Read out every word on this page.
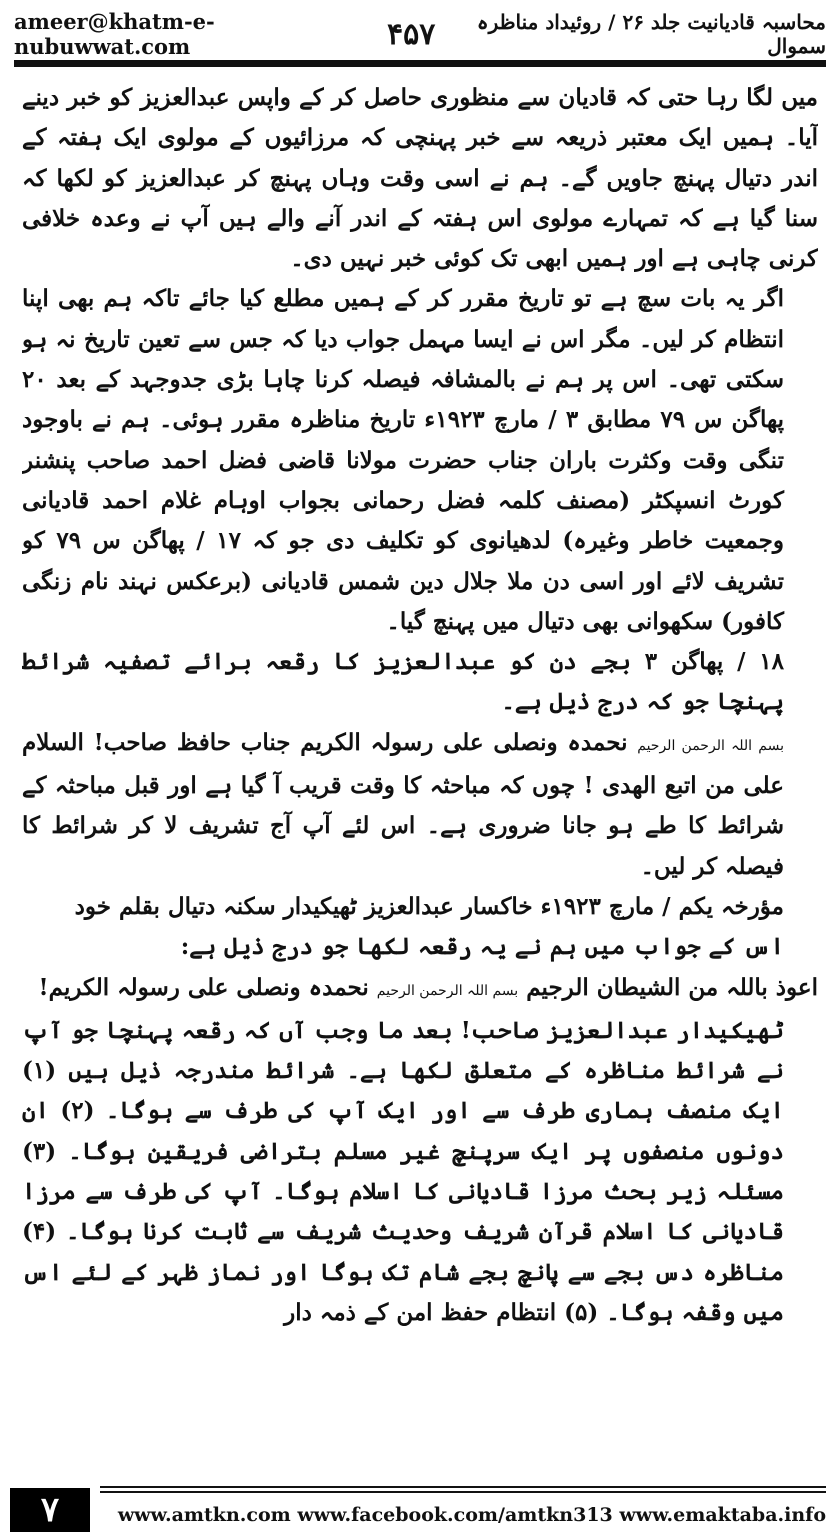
ameer@khatm-e-nubuwwat.com	۴۵۷	محاسبہ قادیانیت جلد ۲۶ / روئیداد مناظرہ سموال

میں لگا رہا حتی کہ قادیان سے منظوری حاصل کر کے واپس عبدالعزیز کو خبر دینے آیا۔ ہمیں ایک معتبر ذریعہ سے خبر پہنچی کہ مرزائیوں کے مولوی ایک ہفتہ کے اندر دتیال پہنچ جاویں گے۔ ہم نے اسی وقت وہاں پہنچ کر عبدالعزیز کو لکھا کہ سنا گیا ہے کہ تمہارے مولوی اس ہفتہ کے اندر آنے والے ہیں آپ نے وعدہ خلافی کرنی چاہی ہے اور ہمیں ابھی تک کوئی خبر نہیں دی۔

اگر یہ بات سچ ہے تو تاریخ مقرر کر کے ہمیں مطلع کیا جائے تاکہ ہم بھی اپنا انتظام کر لیں۔ مگر اس نے ایسا مہمل جواب دیا کہ جس سے تعین تاریخ نہ ہو سکتی تھی۔ اس پر ہم نے بالمشافہ فیصلہ کرنا چاہا بڑی جدوجہد کے بعد ۲۰ پھاگن س ۷۹ مطابق ۳ / مارچ ۱۹۲۳ء تاریخ مناظرہ مقرر ہوئی۔ ہم نے باوجود تنگی وقت وکثرت باران جناب حضرت مولانا قاضی فضل احمد صاحب پنشنر کورٹ انسپکٹر (مصنف کلمہ فضل رحمانی بجواب اوہام غلام احمد قادیانی وجمعیت خاطر وغیرہ) لدھیانوی کو تکلیف دی جو کہ ۱۷ / پھاگن س ۷۹ کو تشریف لائے اور اسی دن ملا جلال دین شمس قادیانی (برعکس نہند نام زنگی کافور) سکھوانی بھی دتیال میں پہنچ گیا۔

۱۸ / پھاگن ۳ بجے دن کو عبدالعزیز کا رقعہ برائے تصفیہ شرائط پہنچا جو کہ درج ذیل ہے۔

بسم اللہ الرحمن الرحیم نحمدہ ونصلی علی رسولہ الکریم جناب حافظ صاحب! السلام علی من اتبع الھدی ! چوں کہ مباحثہ کا وقت قریب آ گیا ہے اور قبل مباحثہ کے شرائط کا طے ہو جانا ضروری ہے۔ اس لئے آپ آج تشریف لا کر شرائط کا فیصلہ کر لیں۔

مؤرخہ یکم / مارچ ۱۹۲۳ء خاکسار عبدالعزیز ٹھیکیدار سکنہ دتیال بقلم خود

اس کے جواب میں ہم نے یہ رقعہ لکھا جو درج ذیل ہے:

اعوذ باللہ من الشیطان الرجیم بسم اللہ الرحمن الرحیم نحمدہ ونصلی علی رسولہ الکریم!

ٹھیکیدار عبدالعزیز صاحب! بعد ما وجب آں کہ رقعہ پہنچا جو آپ نے شرائط مناظرہ کے متعلق لکھا ہے۔ شرائط مندرجہ ذیل ہیں (۱) ایک منصف ہماری طرف سے اور ایک آپ کی طرف سے ہوگا۔ (۲) ان دونوں منصفوں پر ایک سرپنچ غیر مسلم بتراضی فریقین ہوگا۔ (۳) مسئلہ زیر بحث مرزا قادیانی کا اسلام ہوگا۔ آپ کی طرف سے مرزا قادیانی کا اسلام قرآن شریف وحدیث شریف سے ثابت کرنا ہوگا۔ (۴) مناظرہ دس بجے سے پانچ بجے شام تک ہوگا اور نماز ظہر کے لئے اس میں وقفہ ہوگا۔ (۵) انتظام حفظ امن کے ذمہ دار

۷	www.amtkn.com www.facebook.com/amtkn313 www.emaktaba.info
